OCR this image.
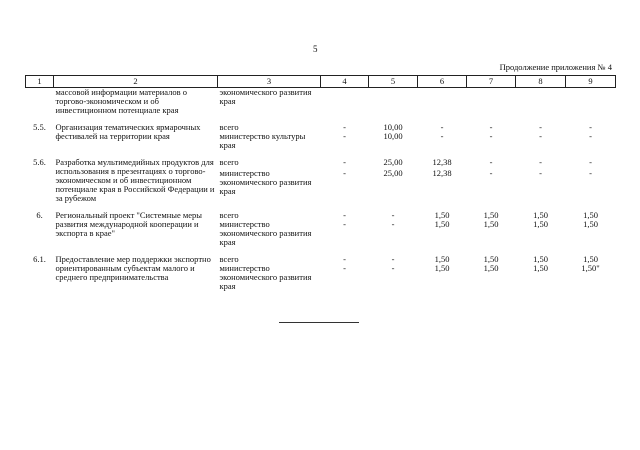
5
Продолжение приложения № 4
1	2	3	4	5	6	7	8	9
	массовой информации материалов о торгово-экономическом и об инвестиционном потенциале края	экономического развития края						

5.5.	Организация тематических ярмарочных фестивалей на территории края	всего	-	10,00	-	-	-	-
		министерство культуры края	-	10,00	-	-	-	-

5.6.	Разработка мультимедийных продуктов для использования в презентациях о торгово-экономическом и об инвестиционном потенциале края в Российской Федерации и за рубежом	всего	-	25,00	12,38	-	-	-
		министерство экономического развития края	-	25,00	12,38	-	-	-

6.	Региональный проект "Системные меры развития международной кооперации и экспорта в крае"	всего	-	-	1,50	1,50	1,50	1,50
		министерство экономического развития края	-	-	1,50	1,50	1,50	1,50

6.1.	Предоставление мер поддержки экспортно ориентированным субъектам малого и среднего предпринимательства	всего	-	-	1,50	1,50	1,50	1,50
		министерство экономического развития края	-	-	1,50	1,50	1,50	1,50"
